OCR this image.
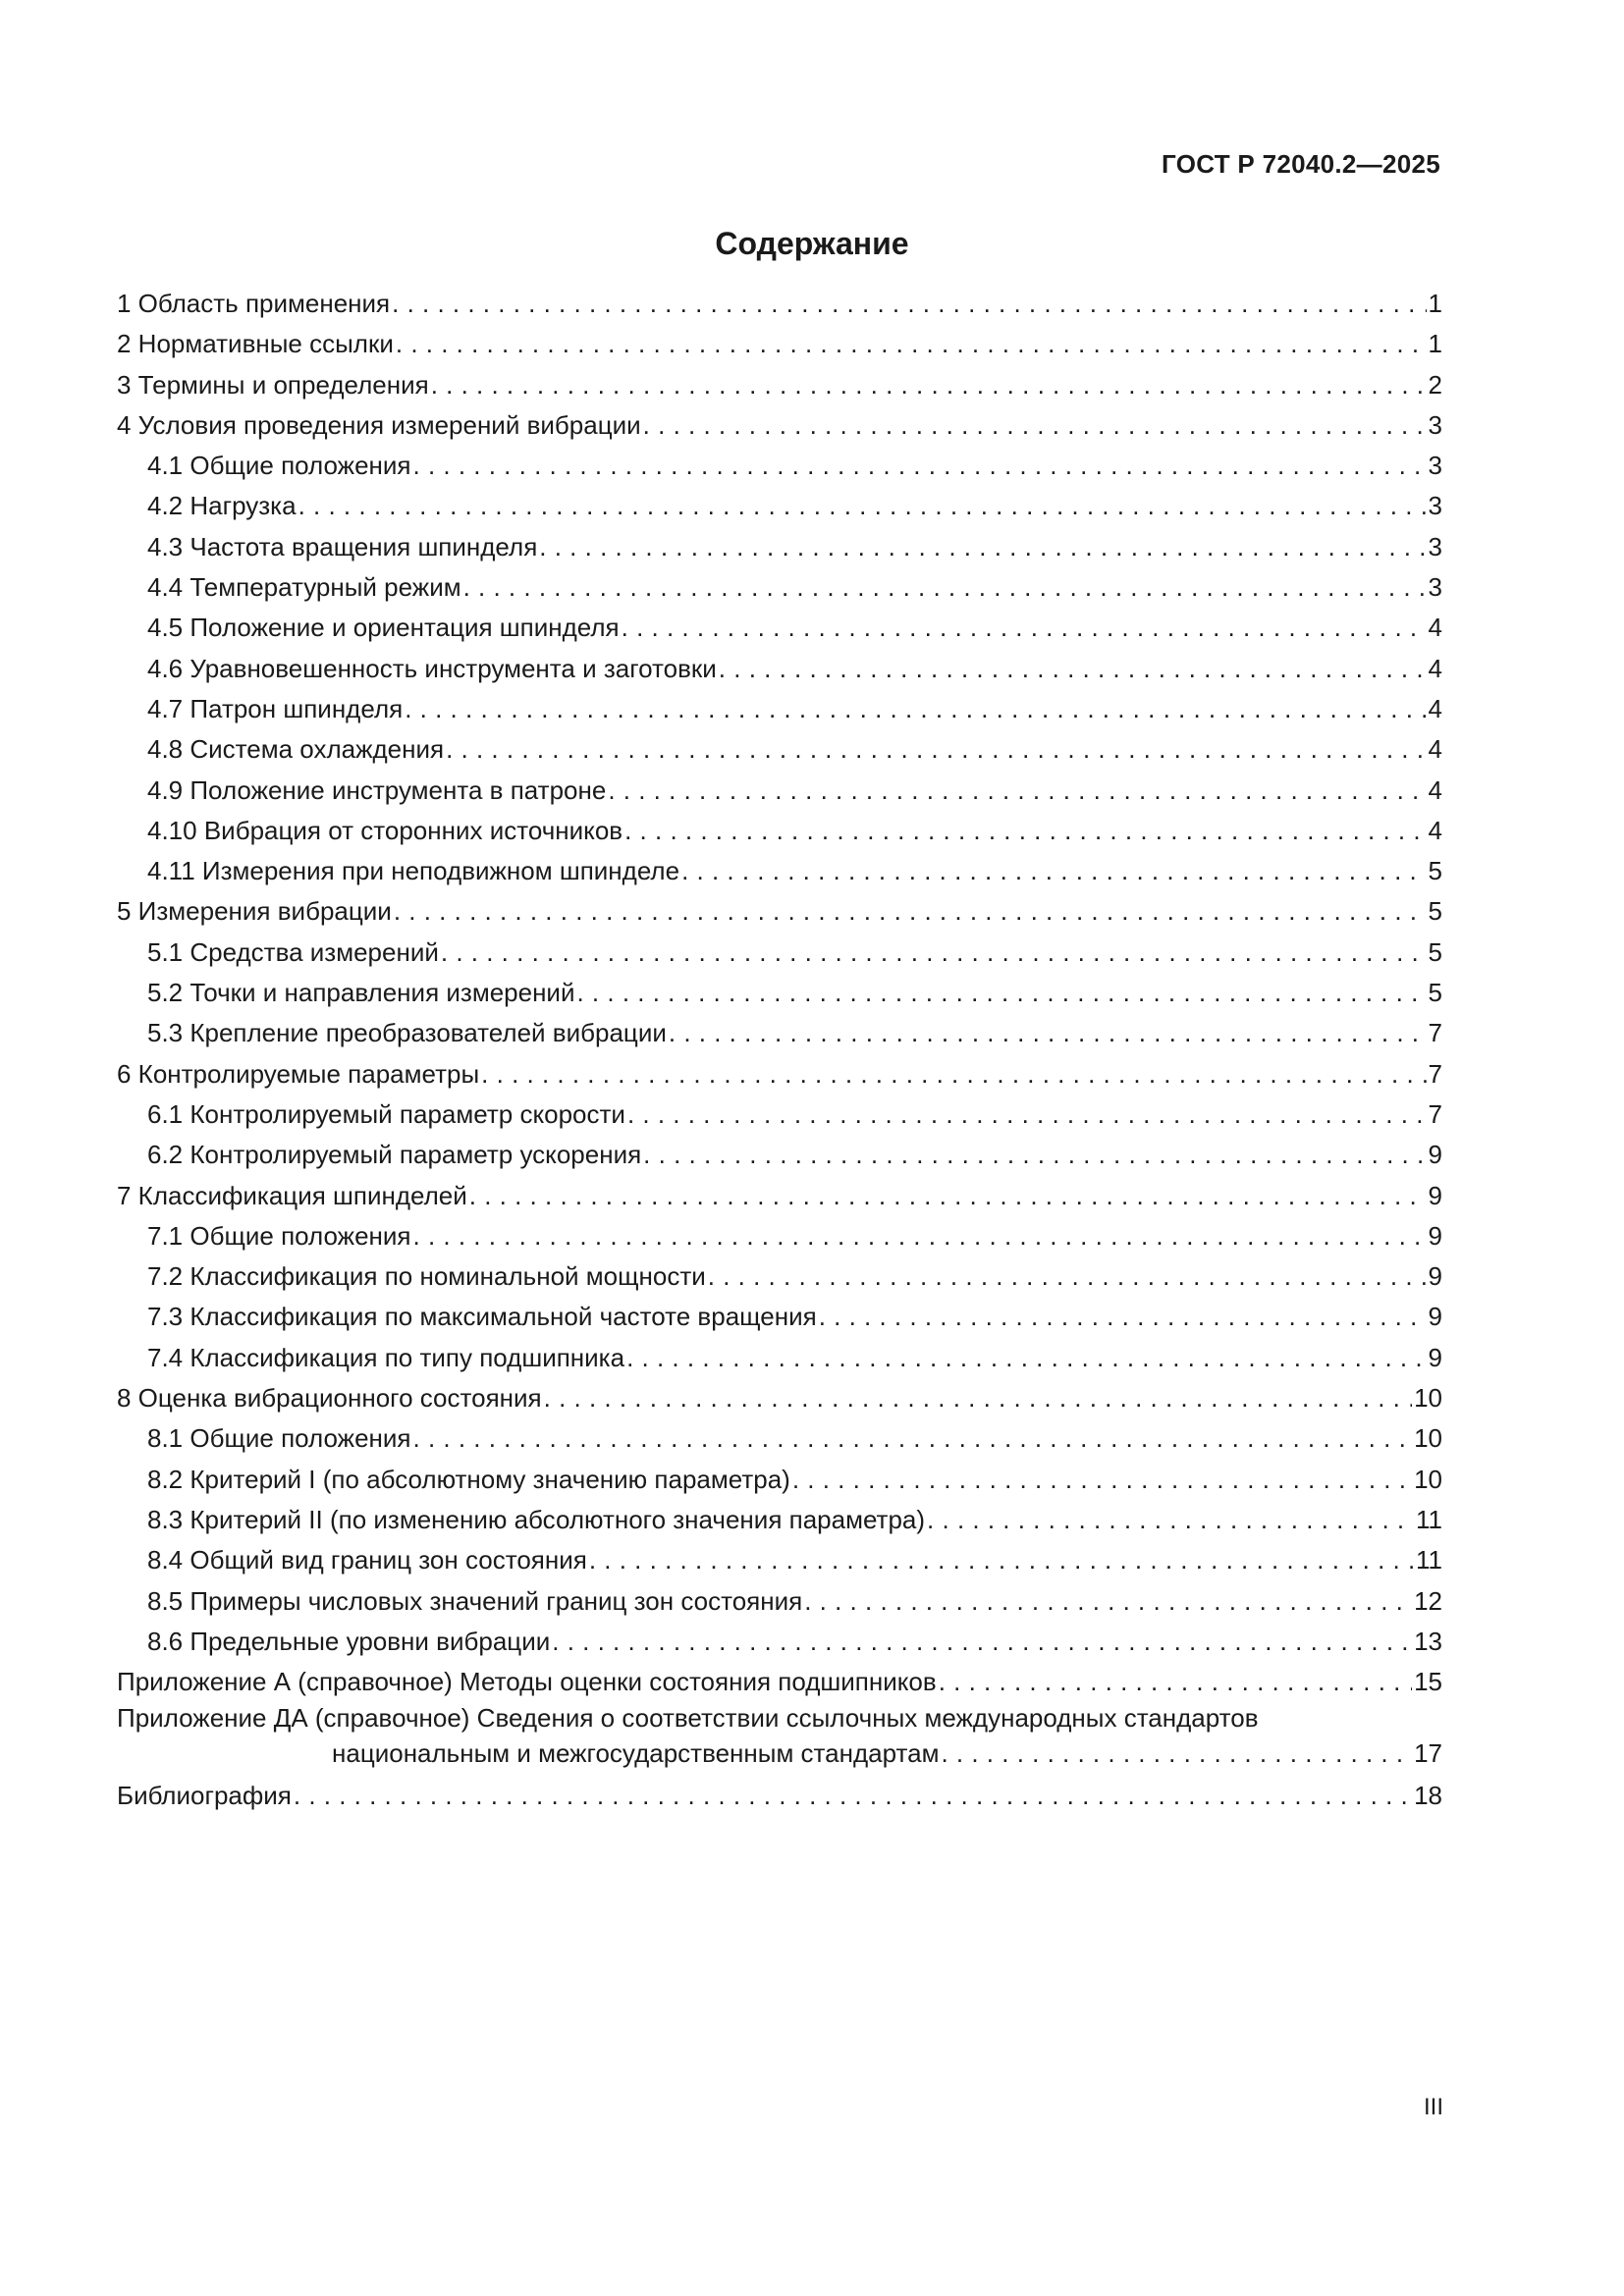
ГОСТ Р 72040.2—2025
Содержание
1 Область применения . . .	1
2 Нормативные ссылки . . .	1
3 Термины и определения . . .	2
4 Условия проведения измерений вибрации . . .	3
4.1 Общие положения . . .	3
4.2 Нагрузка . . .	3
4.3 Частота вращения шпинделя . . .	3
4.4 Температурный режим . . .	3
4.5 Положение и ориентация шпинделя . . .	4
4.6 Уравновешенность инструмента и заготовки . . .	4
4.7 Патрон шпинделя . . .	4
4.8 Система охлаждения . . .	4
4.9 Положение инструмента в патроне . . .	4
4.10 Вибрация от сторонних источников . . .	4
4.11 Измерения при неподвижном шпинделе . . .	5
5 Измерения вибрации . . .	5
5.1 Средства измерений . . .	5
5.2 Точки и направления измерений . . .	5
5.3 Крепление преобразователей вибрации . . .	7
6 Контролируемые параметры . . .	7
6.1 Контролируемый параметр скорости . . .	7
6.2 Контролируемый параметр ускорения . . .	9
7 Классификация шпинделей . . .	9
7.1 Общие положения . . .	9
7.2 Классификация по номинальной мощности . . .	9
7.3 Классификация по максимальной частоте вращения . . .	9
7.4 Классификация по типу подшипника . . .	9
8 Оценка вибрационного состояния . . .	10
8.1 Общие положения . . .	10
8.2 Критерий I (по абсолютному значению параметра) . . .	10
8.3 Критерий II (по изменению абсолютного значения параметра) . . .	11
8.4 Общий вид границ зон состояния . . .	11
8.5 Примеры числовых значений границ зон состояния . . .	12
8.6 Предельные уровни вибрации . . .	13
Приложение А (справочное) Методы оценки состояния подшипников . . .	15
Приложение ДА (справочное) Сведения о соответствии ссылочных международных стандартов
национальным и межгосударственным стандартам . . .	17
Библиография . . .	18
III
